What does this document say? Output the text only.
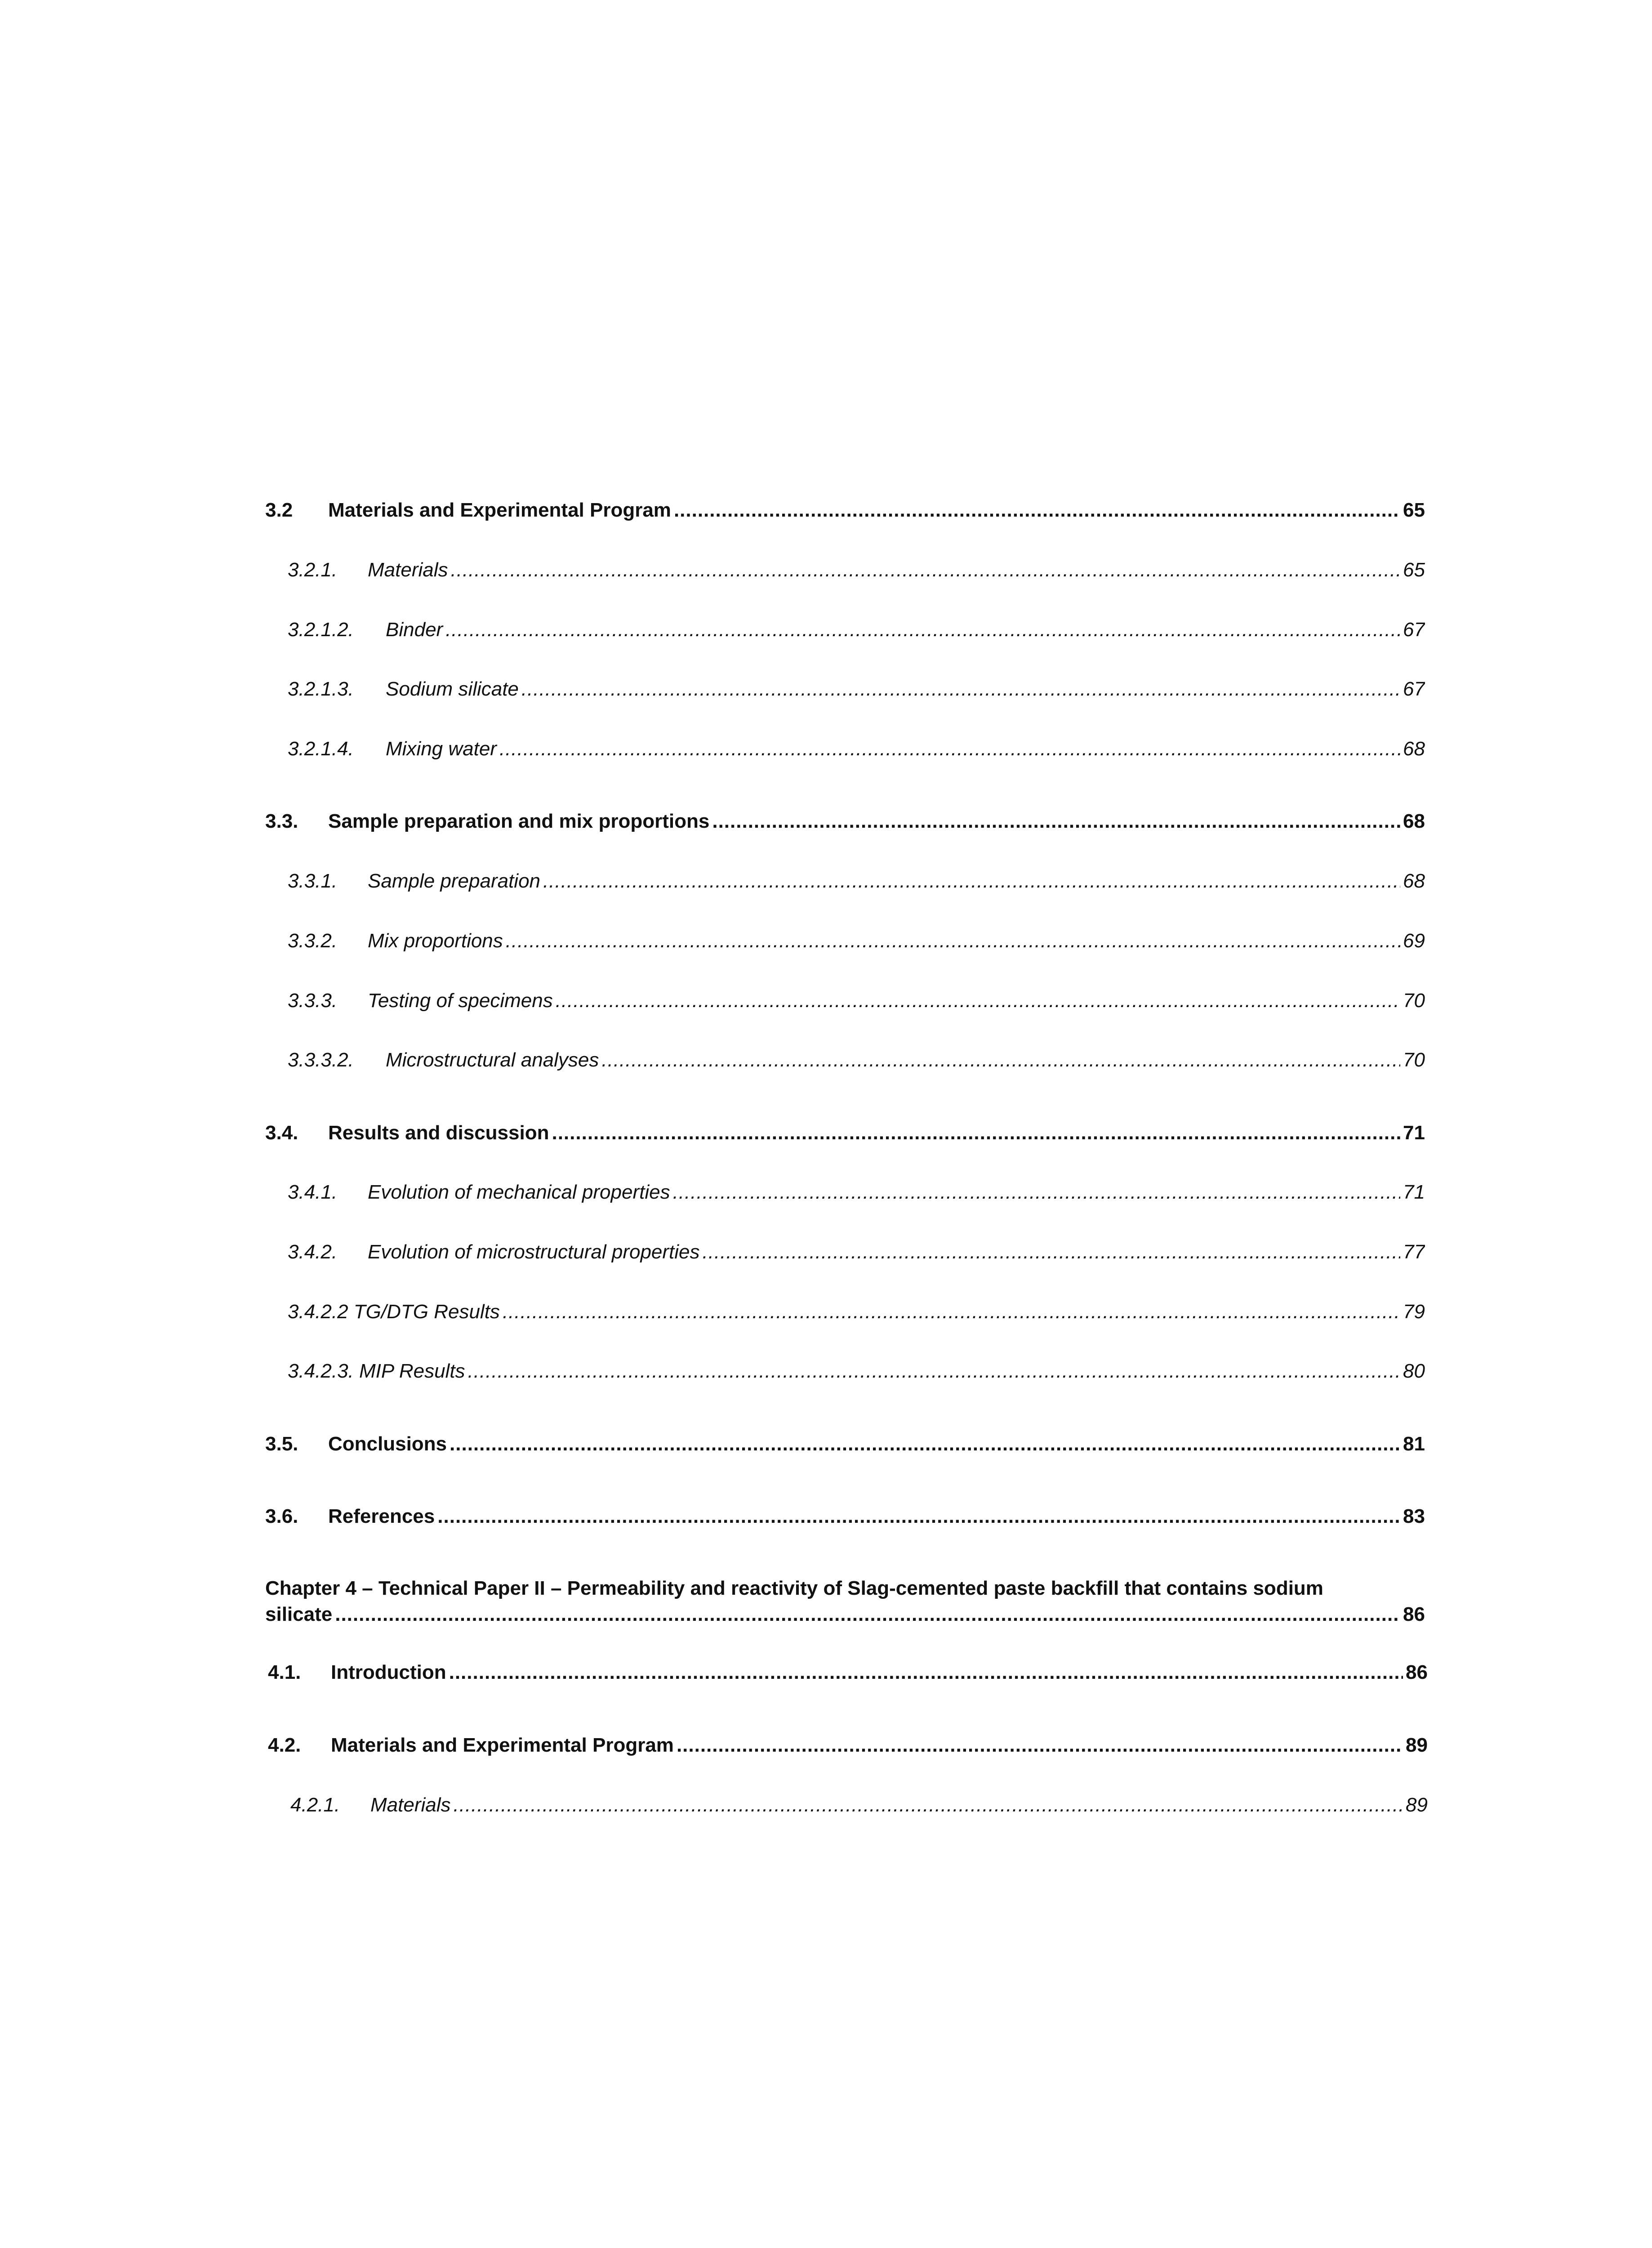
3.2	Materials and Experimental Program .....	65
3.2.1.	Materials .....	65
3.2.1.2.	Binder .....	67
3.2.1.3.	Sodium silicate .....	67
3.2.1.4.	Mixing water .....	68
3.3.	Sample preparation and mix proportions .....	68
3.3.1.	Sample preparation .....	68
3.3.2.	Mix proportions .....	69
3.3.3.	Testing of specimens .....	70
3.3.3.2.	Microstructural analyses .....	70
3.4.	Results and discussion .....	71
3.4.1.	Evolution of mechanical properties .....	71
3.4.2.	Evolution of microstructural properties .....	77
3.4.2.2 TG/DTG Results .....	79
3.4.2.3. MIP Results .....	80
3.5.	Conclusions .....	81
3.6.	References .....	83
Chapter 4 – Technical Paper II – Permeability and reactivity of Slag-cemented paste backfill that contains sodium
silicate .....	86
4.1.	Introduction .....	86
4.2.	Materials and Experimental Program .....	89
4.2.1.	Materials .....	89
